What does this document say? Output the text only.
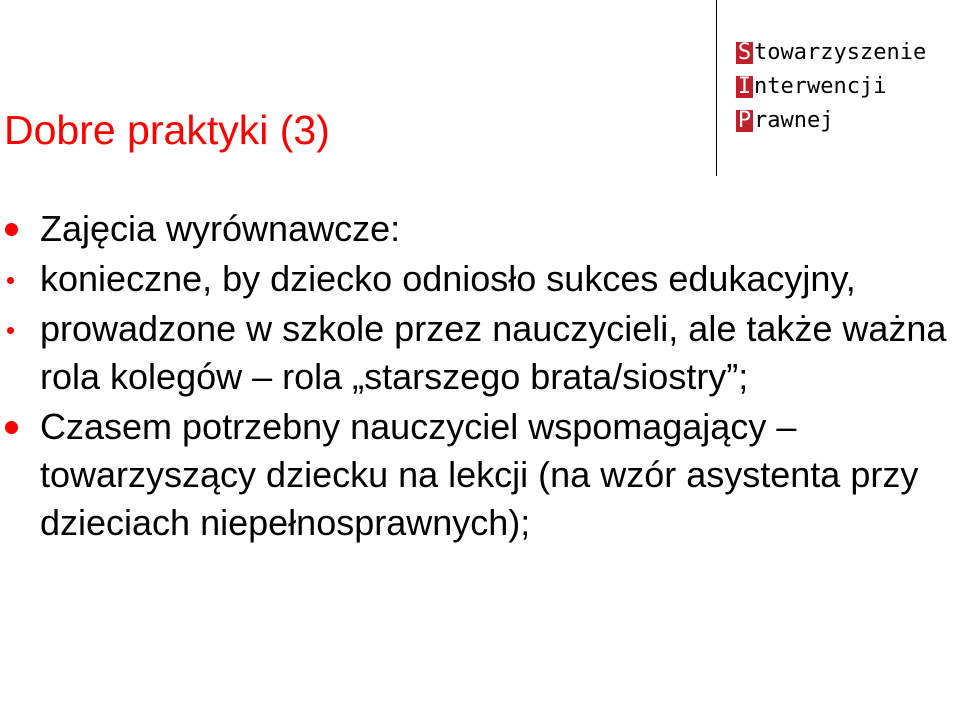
S towarzyszenie
I nterwencji
P rawnej
Dobre praktyki (3)
Zajęcia wyrównawcze:
konieczne, by dziecko odniosło sukces edukacyjny,
prowadzone w szkole przez nauczycieli, ale także ważna rola kolegów – rola „starszego brata/siostry”;
Czasem potrzebny nauczyciel wspomagający – towarzyszący dziecku na lekcji (na wzór asystenta przy dzieciach niepełnosprawnych);
